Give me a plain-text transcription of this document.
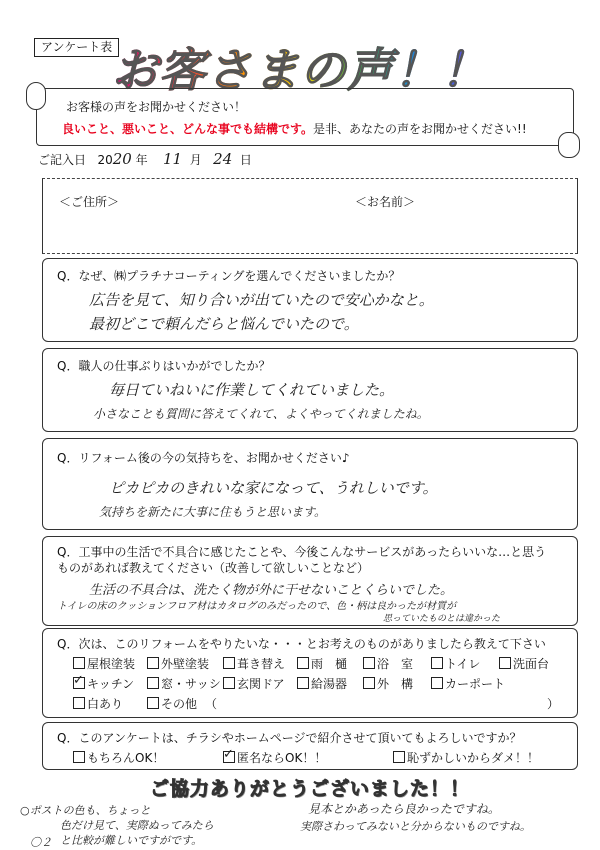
アンケート表 お客さまの声！！
お客様の声をお聞かせください！
良いこと、悪いこと、どんな事でも結構です。是非、あなたの声をお聞かせください!!
ご記入日 2020 年 11 月 24 日
＜ご住所＞	＜お名前＞
Q．なぜ、㈱プラチナコーティングを選んでくださいましたか？
広告を見て、知り合いが出ていたので安心かなと。
最初どこで頼んだらと悩んでいたので。
Q．職人の仕事ぶりはいかがでしたか？
毎日ていねいに作業してくれていました。
小さなことも質問に答えてくれて、よくやってくれましたね。
Q．リフォーム後の今の気持ちを、お聞かせください♪
ピカピカのきれいな家になって、うれしいです。
気持ちを新たに大事に住もうと思います。
Q．工事中の生活で不具合に感じたことや、今後こんなサービスがあったらいいな…と思う
ものがあれば教えてください（改善して欲しいことなど）
生活の不具合は、洗たく物が外に干せないことくらいでした。
トイレの床のクッションフロア材はカタログのみだったので、色・柄は良かったが材質が
思っていたものとは違かった
Q．次は、このリフォームをやりたいな・・・とお考えのものがありましたら教えて下さい
屋根塗装	外壁塗装	葺き替え	雨　樋	浴　室	トイレ	洗面台
✓キッチン	窓・サッシ	玄関ドア	給湯器	外　構	カーポート
白あり	その他 （	）
Q．このアンケートは、チラシやホームページで紹介させて頂いてもよろしいですか？
もちろんOK！
✓	匿名ならOK！！	恥ずかしいからダメ！！
ご協力ありがとうございました！！
○ポストの色も、ちょっと
色だけ見て、実際ぬってみたら
と比較が難しいですがです。
〇２
見本とかあったら良かったですね。
実際さわってみないと分からないものですね。
